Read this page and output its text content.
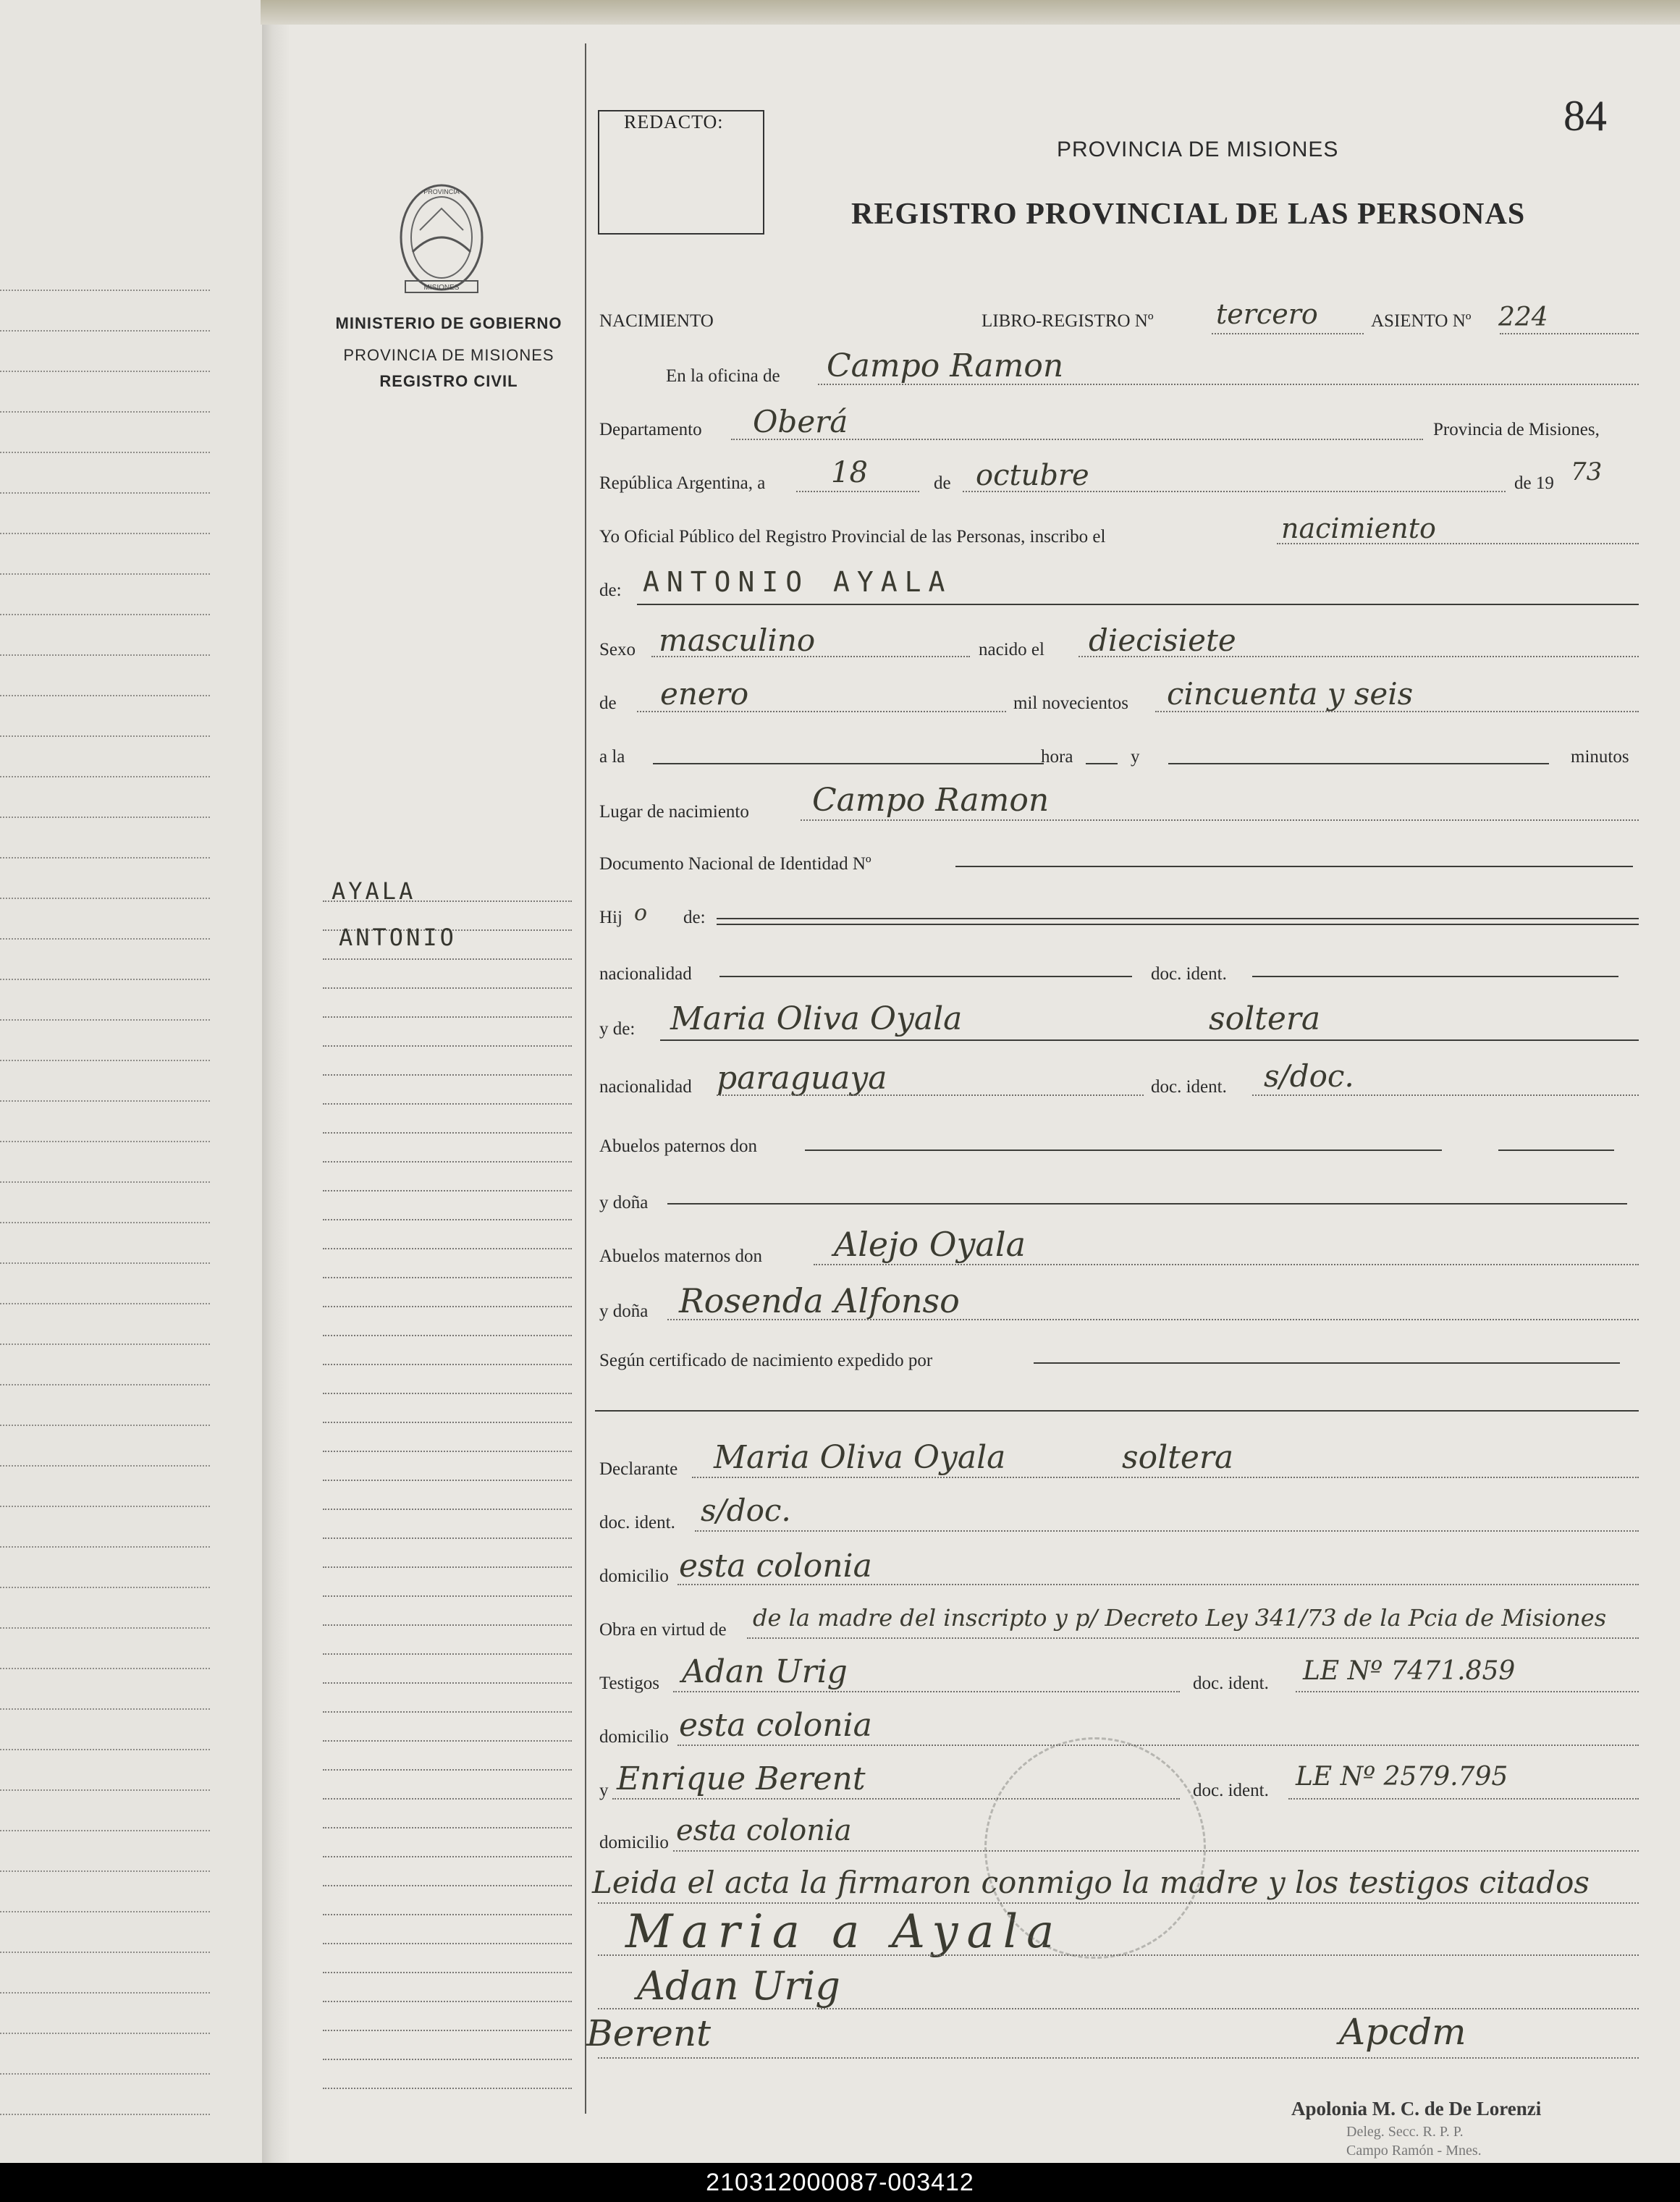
PROVINCIA
MISIONES
MINISTERIO DE GOBIERNO
PROVINCIA DE MISIONES
REGISTRO CIVIL
AYALA
ANTONIO
REDACTO:	84
PROVINCIA DE MISIONES
REGISTRO PROVINCIAL DE LAS PERSONAS
NACIMIENTO	LIBRO-REGISTRO Nº tercero	ASIENTO Nº 224
En la oficina de Campo Ramon
Departamento Oberá	Provincia de Misiones,
República Argentina, a 18	de octubre	de 19 73
Yo Oficial Público del Registro Provincial de las Personas, inscribo el	nacimiento
de: ANTONIO AYALA
Sexo masculino	nacido el diecisiete
de enero	mil novecientos cincuenta y seis
a la	hora	y	minutos
Lugar de nacimiento Campo Ramon
Documento Nacional de Identidad Nº
Hij o de:
nacionalidad	doc. ident.
y de: Maria Oliva Oyala	soltera
nacionalidad paraguaya	doc. ident. s/doc.
Abuelos paternos don
y doña
Abuelos maternos don Alejo Oyala
y doña Rosenda Alfonso
Según certificado de nacimiento expedido por
Declarante Maria Oliva Oyala	soltera
doc. ident. s/doc.
domicilio esta colonia
Obra en virtud de de la madre del inscripto y p/ Decreto Ley 341/73 de la Pcia de Misiones
Testigos Adan Urig	doc. ident. LE Nº 7471.859
domicilio esta colonia
y Enrique Berent	doc. ident. LE Nº 2579.795
domicilio esta colonia
Leida el acta la firmaron conmigo la madre y los testigos citados
Maria a Ayala
Adan Urig
Berent	Apcdm
Apolonia M. C. de De Lorenzi
Deleg. Secc. R. P. P.
Campo Ramón - Mnes.
210312000087-003412
